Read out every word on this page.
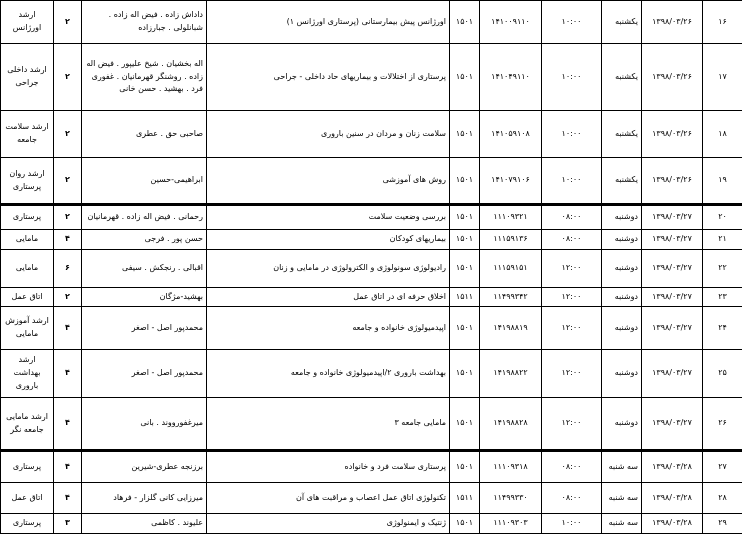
ارشد اورژانس	۲	داداش زاده . فیض اله زاده . شبانلولی . جبارزاده	اورژانس پیش بیمارستانی (پرستاری اورژانس ۱)	۱۵۰۱	۱۴۱۰۰۹۱۱۰	۱۰:۰۰	یکشنبه	۱۳۹۸/۰۳/۲۶	١۶
ارشد داخلی جراحی	۲	اله بخشیان . شیخ علیپور . فیض اله زاده . روشنگر قهرمانیان . غفوری فرد . بهشید . حسن خانی	پرستاری از اختلالات و بیماریهای حاد داخلی - جراحی	۱۵۰۱	۱۴۱۰۴۹۱۱۰	۱۰:۰۰	یکشنبه	۱۳۹۸/۰۳/۲۶	١٧
ارشد سلامت جامعه	۲	صاحبی حق . عطری	سلامت زنان و مردان در سنین باروری	۱۵۰۱	۱۴۱۰۵۹۱۰۸	۱۰:۰۰	یکشنبه	۱۳۹۸/۰۳/۲۶	١٨
ارشد روان پرستاری	۲	ابراهیمی-حسین	روش های آموزشی	۱۵۰۱	۱۴۱۰۷۹۱۰۶	۱۰:۰۰	یکشنبه	۱۳۹۸/۰۳/۲۶	١٩
پرستاری	۲	رحمانی . فیض اله زاده . قهرمانیان	بررسی وضعیت سلامت	۱۵۰۱	۱۱۱۰۹۳۲۱	۰۸:۰۰	دوشنبه	۱۳۹۸/۰۳/۲۷	٢٠
مامایی	۴	حسن پور . فرجی	بیماریهای کودکان	۱۵۰۱	۱۱۱۵۹۱۳۶	۰۸:۰۰	دوشنبه	۱۳۹۸/۰۳/۲۷	٢١
مامایی	۶	اقبالی . رنجکش . سیفی	رادیولوژی سونولوژی و الکترولوژی در مامایی و زنان	۱۵۰۱	۱۱۱۵۹۱۵۱	۱۲:۰۰	دوشنبه	۱۳۹۸/۰۳/۲۷	٢٢
اتاق عمل	۲	بهشید-مژگان	اخلاق حرفه ای در اتاق عمل	۱۵۱۱	۱۱۴۹۹۳۴۲	۱۲:۰۰	دوشنبه	۱۳۹۸/۰۳/۲۷	٢٣
ارشد آموزش مامایی	۴	محمدپور اصل - اصغر	اپیدمیولوژی خانواده و جامعه	۱۵۰۱	۱۴۱۹۸۸۱۹	۱۲:۰۰	دوشنبه	۱۳۹۸/۰۳/۲۷	٢۴
ارشد بهداشت باروری	۴	محمدپور اصل - اصغر	بهداشت باروری ۲/اپیدمیولوژی خانواده و جامعه	۱۵۰۱	۱۴۱۹۸۸۲۲	۱۲:۰۰	دوشنبه	۱۳۹۸/۰۳/۲۷	٢۵
ارشد مامایی جامعه نگر	۴	میرغفورووند . بانی	مامایی جامعه ۳	۱۵۰۱	۱۴۱۹۸۸۲۸	۱۲:۰۰	دوشنبه	۱۳۹۸/۰۳/۲۷	٢۶
پرستاری	۴	برزنجه عطری-شیرین	پرستاری سلامت فرد و خانواده	۱۵۰۱	۱۱۱۰۹۳۱۸	۰۸:۰۰	سه شنبه	۱۳۹۸/۰۳/۲۸	٢٧
اتاق عمل	۴	میرزایی کانی گلزار - فرهاد	تکنولوژی اتاق عمل اعصاب و مراقبت های آن	۱۵۱۱	۱۱۴۹۹۳۳۰	۰۸:۰۰	سه شنبه	۱۳۹۸/۰۳/۲۸	٢٨
پرستاری	۳	علیوند . کاظمی	ژنتیک و ایمنولوژی	۱۵۰۱	۱۱۱۰۹۳۰۳	۱۰:۰۰	سه شنبه	۱۳۹۸/۰۳/۲۸	٢٩
